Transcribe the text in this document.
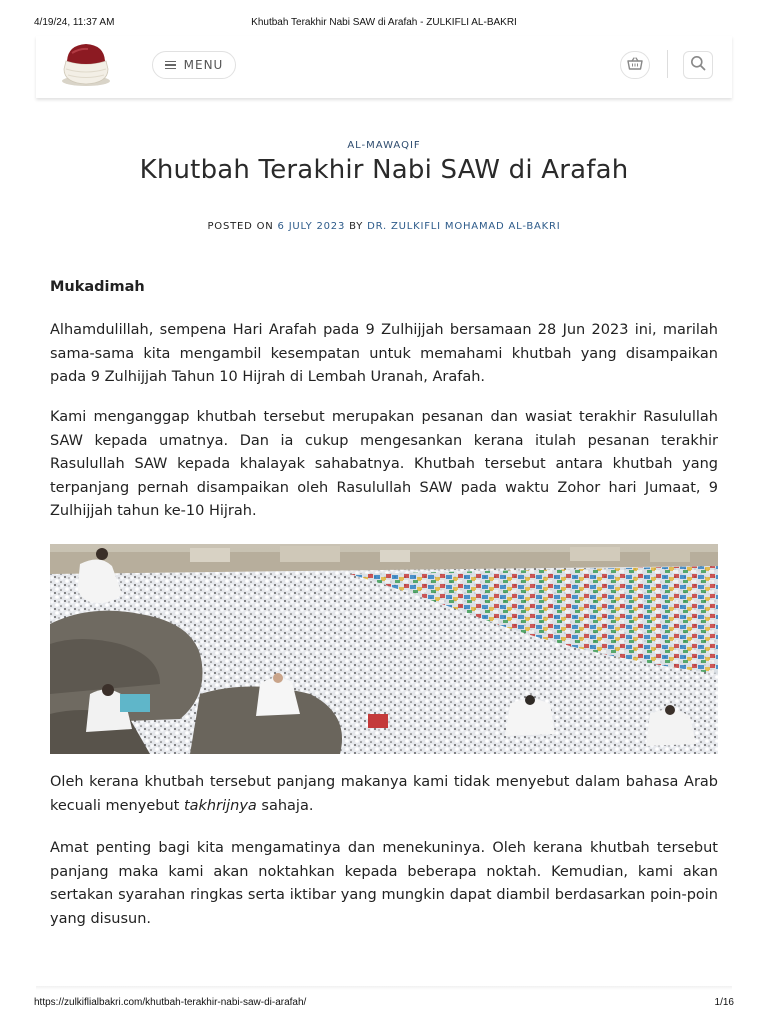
4/19/24, 11:37 AM	Khutbah Terakhir Nabi SAW di Arafah - ZULKIFLI AL-BAKRI
MENU
AL-MAWAQIF
Khutbah Terakhir Nabi SAW di Arafah
POSTED ON 6 JULY 2023 BY DR. ZULKIFLI MOHAMAD AL-BAKRI

Mukadimah

Alhamdulillah, sempena Hari Arafah pada 9 Zulhijjah bersamaan 28 Jun 2023 ini, marilah sama-sama kita mengambil kesempatan untuk memahami khutbah yang disampaikan pada 9 Zulhijjah Tahun 10 Hijrah di Lembah Uranah, Arafah.

Kami menganggap khutbah tersebut merupakan pesanan dan wasiat terakhir Rasulullah SAW kepada umatnya. Dan ia cukup mengesankan kerana itulah pesanan terakhir Rasulullah SAW kepada khalayak sahabatnya. Khutbah tersebut antara khutbah yang terpanjang pernah disampaikan oleh Rasulullah SAW pada waktu Zohor hari Jumaat, 9 Zulhijjah tahun ke-10 Hijrah.

Oleh kerana khutbah tersebut panjang makanya kami tidak menyebut dalam bahasa Arab kecuali menyebut takhrijnya sahaja.

Amat penting bagi kita mengamatinya dan menekuninya. Oleh kerana khutbah tersebut panjang maka kami akan noktahkan kepada beberapa noktah. Kemudian, kami akan sertakan syarahan ringkas serta iktibar yang mungkin dapat diambil berdasarkan poin-poin yang disusun.

https://zulkiflialbakri.com/khutbah-terakhir-nabi-saw-di-arafah/	1/16
